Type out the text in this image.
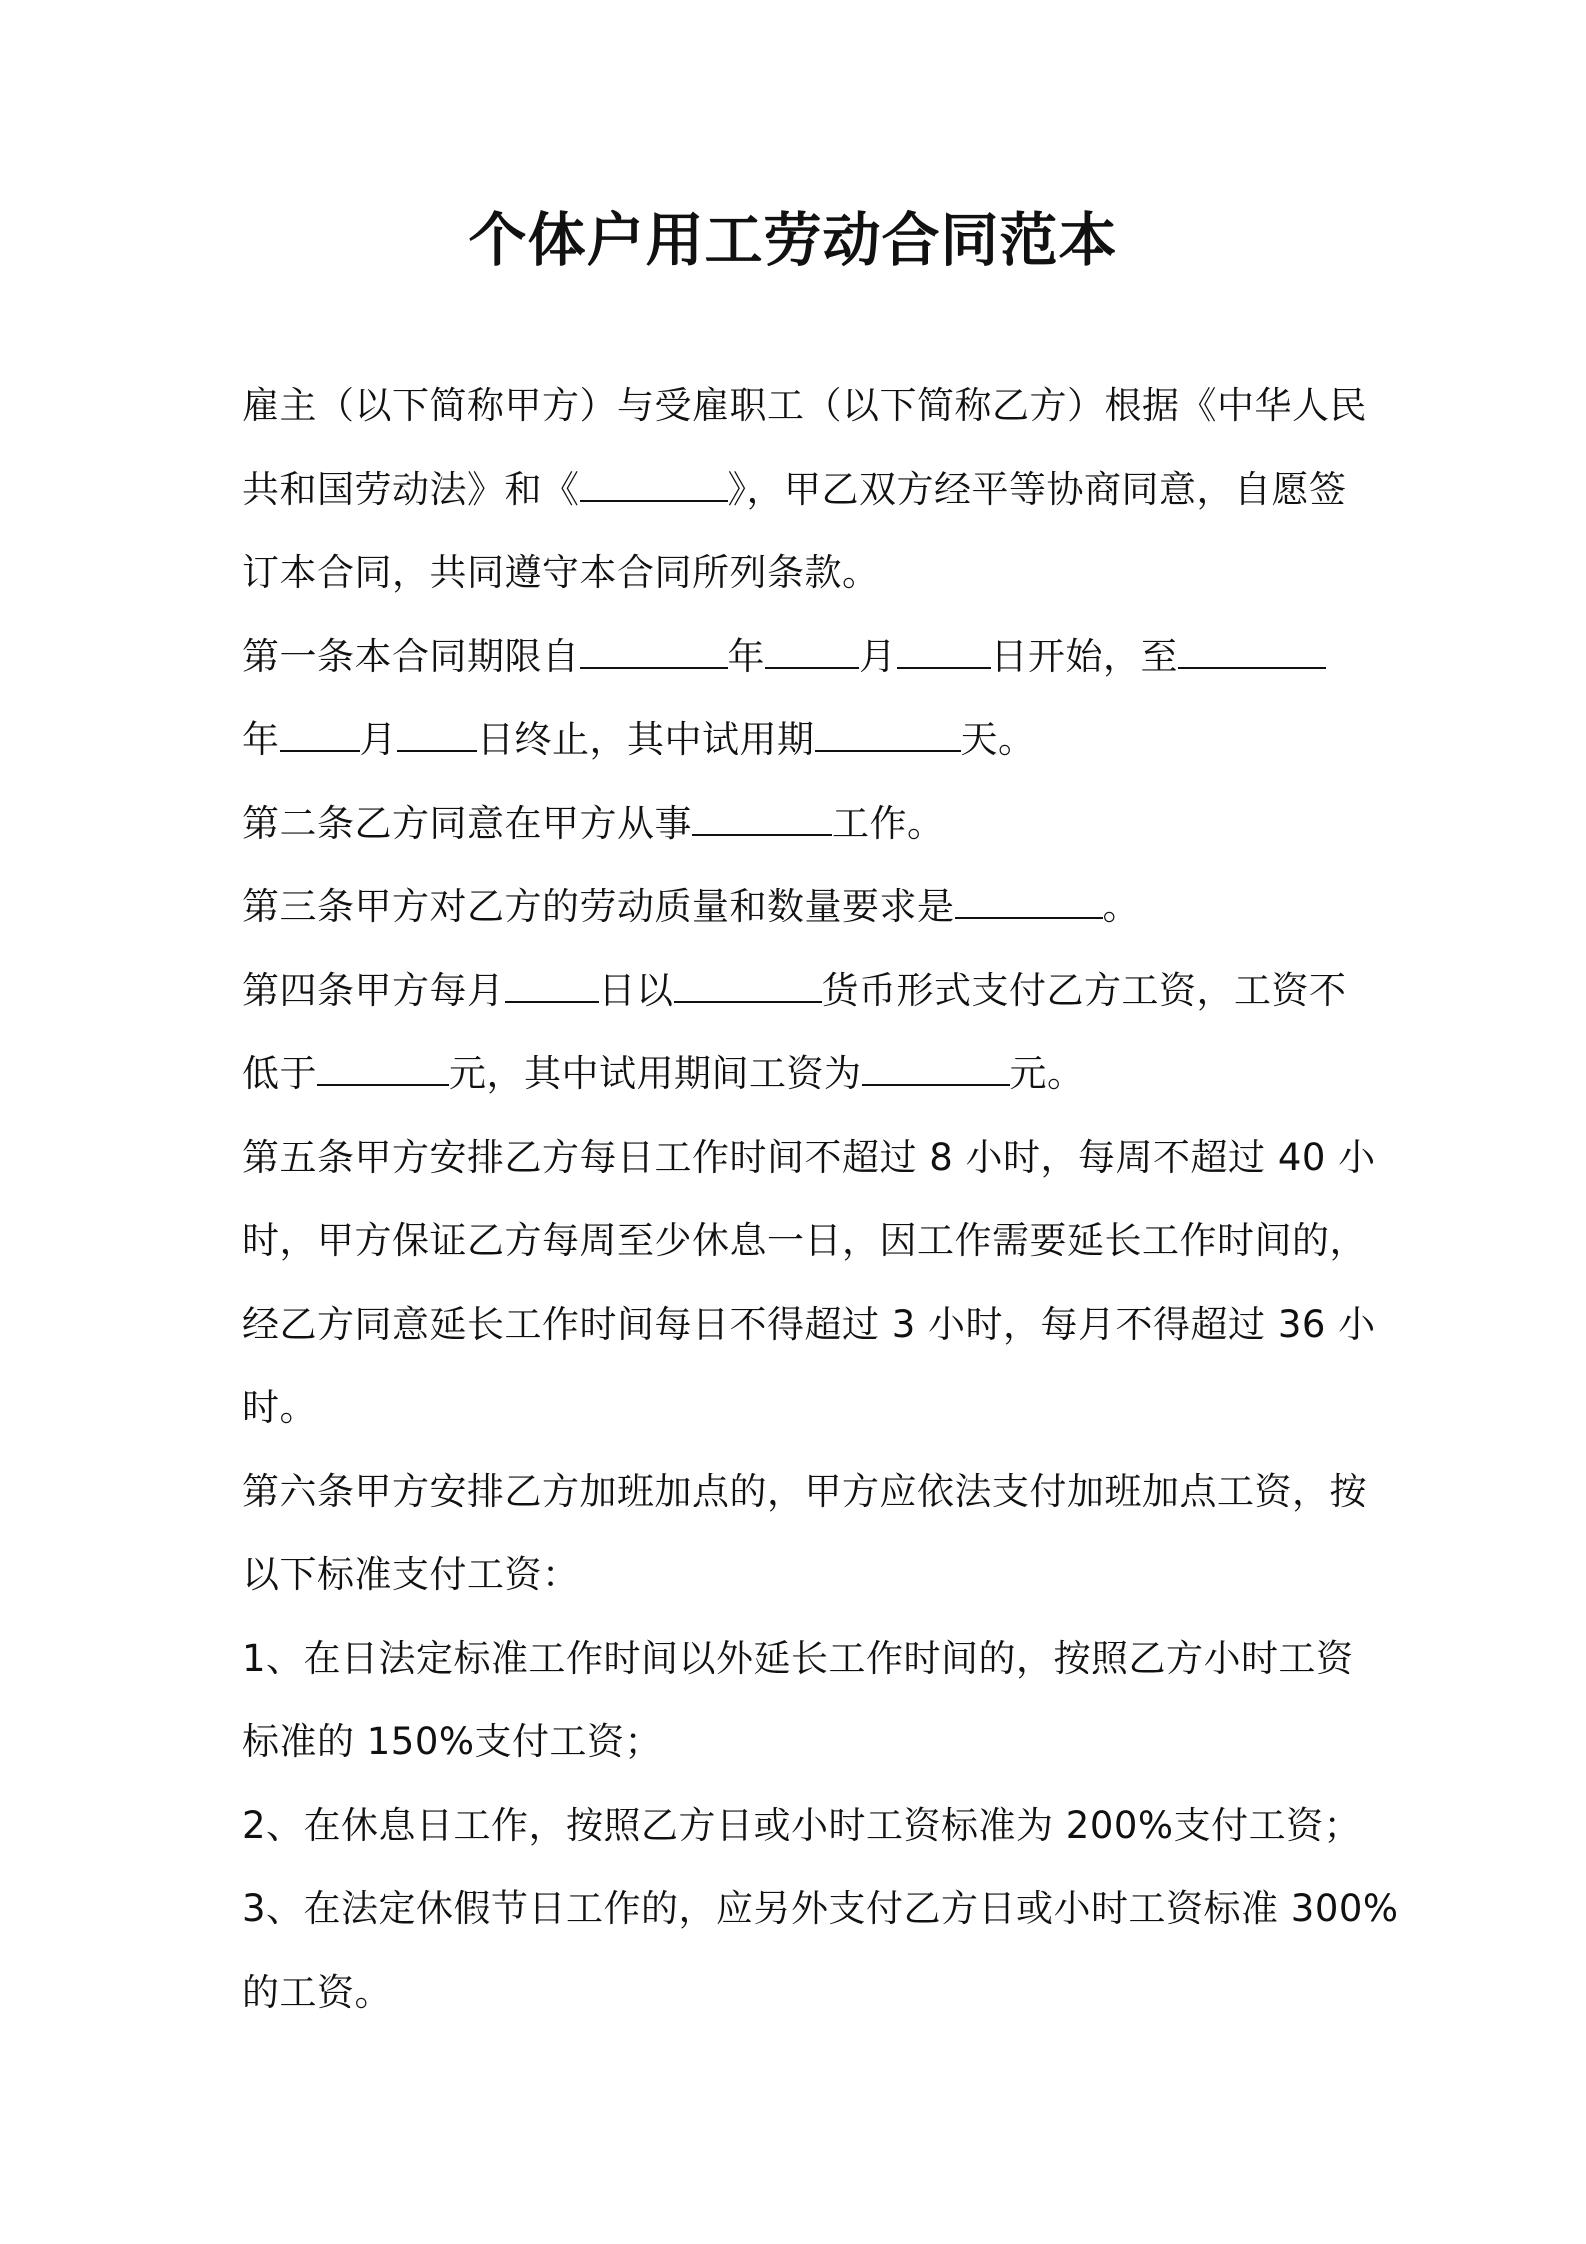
个体户用工劳动合同范本
雇主（以下简称甲方）与受雇职工（以下简称乙方）根据《中华人民
共和国劳动法》和《	》，甲乙双方经平等协商同意，自愿签
订本合同，共同遵守本合同所列条款。
第一条本合同期限自	年	月	日开始，至
年 月 日终止，其中试用期	天。
第二条乙方同意在甲方从事	工作。
第三条甲方对乙方的劳动质量和数量要求是	。
第四条甲方每月	日以	货币形式支付乙方工资，工资不
低于	元，其中试用期间工资为	元。
第五条甲方安排乙方每日工作时间不超过 8 小时，每周不超过 40 小
时，甲方保证乙方每周至少休息一日，因工作需要延长工作时间的，
经乙方同意延长工作时间每日不得超过 3 小时，每月不得超过 36 小
时。
第六条甲方安排乙方加班加点的，甲方应依法支付加班加点工资，按
以下标准支付工资：
1、在日法定标准工作时间以外延长工作时间的，按照乙方小时工资
标准的 150%支付工资；
2、在休息日工作，按照乙方日或小时工资标准为 200%支付工资；
3、在法定休假节日工作的，应另外支付乙方日或小时工资标准 300%
的工资。
